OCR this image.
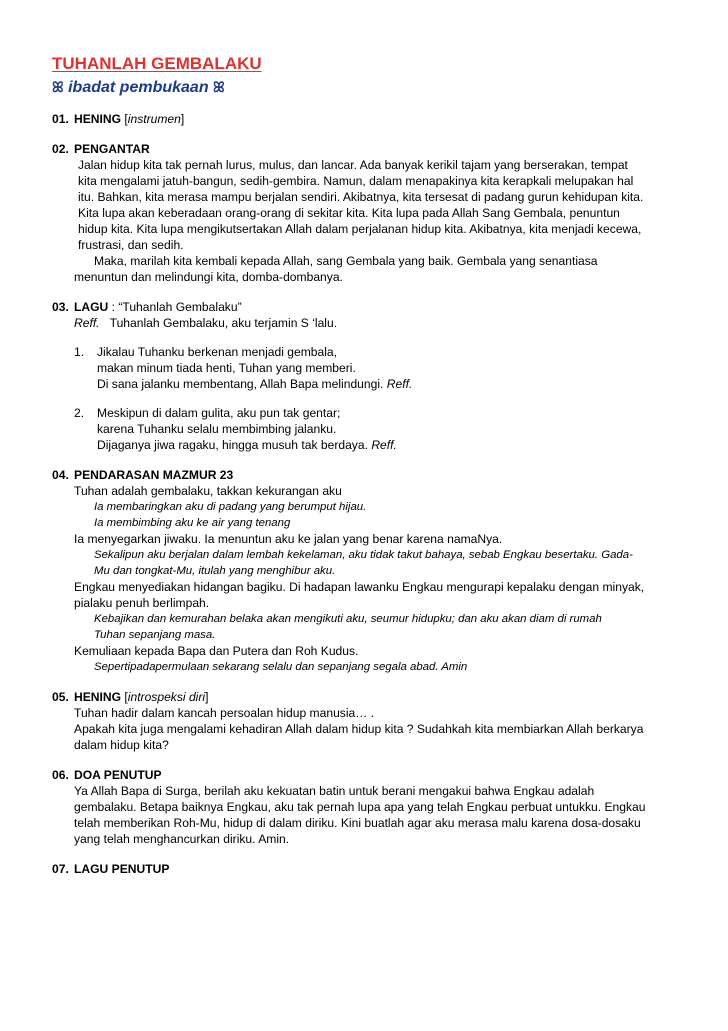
TUHANLAH GEMBALAKU
ꕤ ibadat pembukaan ꕤ
01. HENING [instrumen]
02. PENGANTAR
Jalan hidup kita tak pernah lurus, mulus, dan lancar. Ada banyak kerikil tajam yang berserakan, tempat
kita mengalami jatuh-bangun, sedih-gembira. Namun, dalam menapakinya kita kerapkali melupakan hal
itu. Bahkan, kita merasa mampu berjalan sendiri. Akibatnya, kita tersesat di padang gurun kehidupan kita.
Kita lupa akan keberadaan orang-orang di sekitar kita. Kita lupa pada Allah Sang Gembala, penuntun
hidup kita. Kita lupa mengikutsertakan Allah dalam perjalanan hidup kita. Akibatnya, kita menjadi kecewa,
frustrasi, dan sedih.
Maka, marilah kita kembali kepada Allah, sang Gembala yang baik. Gembala yang senantiasa
menuntun dan melindungi kita, domba-dombanya.
03. LAGU : “Tuhanlah Gembalaku”
Reff. Tuhanlah Gembalaku, aku terjamin S ‘lalu.
1.	Jikalau Tuhanku berkenan menjadi gembala,
makan minum tiada henti, Tuhan yang memberi.
Di sana jalanku membentang, Allah Bapa melindungi. Reff.
2.	Meskipun di dalam gulita, aku pun tak gentar;
karena Tuhanku selalu membimbing jalanku.
Dijaganya jiwa ragaku, hingga musuh tak berdaya. Reff.
04. PENDARASAN MAZMUR 23
Tuhan adalah gembalaku, takkan kekurangan aku
Ia membaringkan aku di padang yang berumput hijau.
Ia membimbing aku ke air yang tenang
Ia menyegarkan jiwaku. Ia menuntun aku ke jalan yang benar karena namaNya.
Sekalipun aku berjalan dalam lembah kekelaman, aku tidak takut bahaya, sebab Engkau besertaku. Gada-
Mu dan tongkat-Mu, itulah yang menghibur aku.
Engkau menyediakan hidangan bagiku. Di hadapan lawanku Engkau mengurapi kepalaku dengan minyak,
pialaku penuh berlimpah.
Kebajikan dan kemurahan belaka akan mengikuti aku, seumur hidupku; dan aku akan diam di rumah
Tuhan sepanjang masa.
Kemuliaan kepada Bapa dan Putera dan Roh Kudus.
Sepertipadapermulaan sekarang selalu dan sepanjang segala abad. Amin
05. HENING [introspeksi diri]
Tuhan hadir dalam kancah persoalan hidup manusia… .
Apakah kita juga mengalami kehadiran Allah dalam hidup kita ? Sudahkah kita membiarkan Allah berkarya
dalam hidup kita?
06. DOA PENUTUP
Ya Allah Bapa di Surga, berilah aku kekuatan batin untuk berani mengakui bahwa Engkau adalah
gembalaku. Betapa baiknya Engkau, aku tak pernah lupa apa yang telah Engkau perbuat untukku. Engkau
telah memberikan Roh-Mu, hidup di dalam diriku. Kini buatlah agar aku merasa malu karena dosa-dosaku
yang telah menghancurkan diriku. Amin.
07. LAGU PENUTUP
